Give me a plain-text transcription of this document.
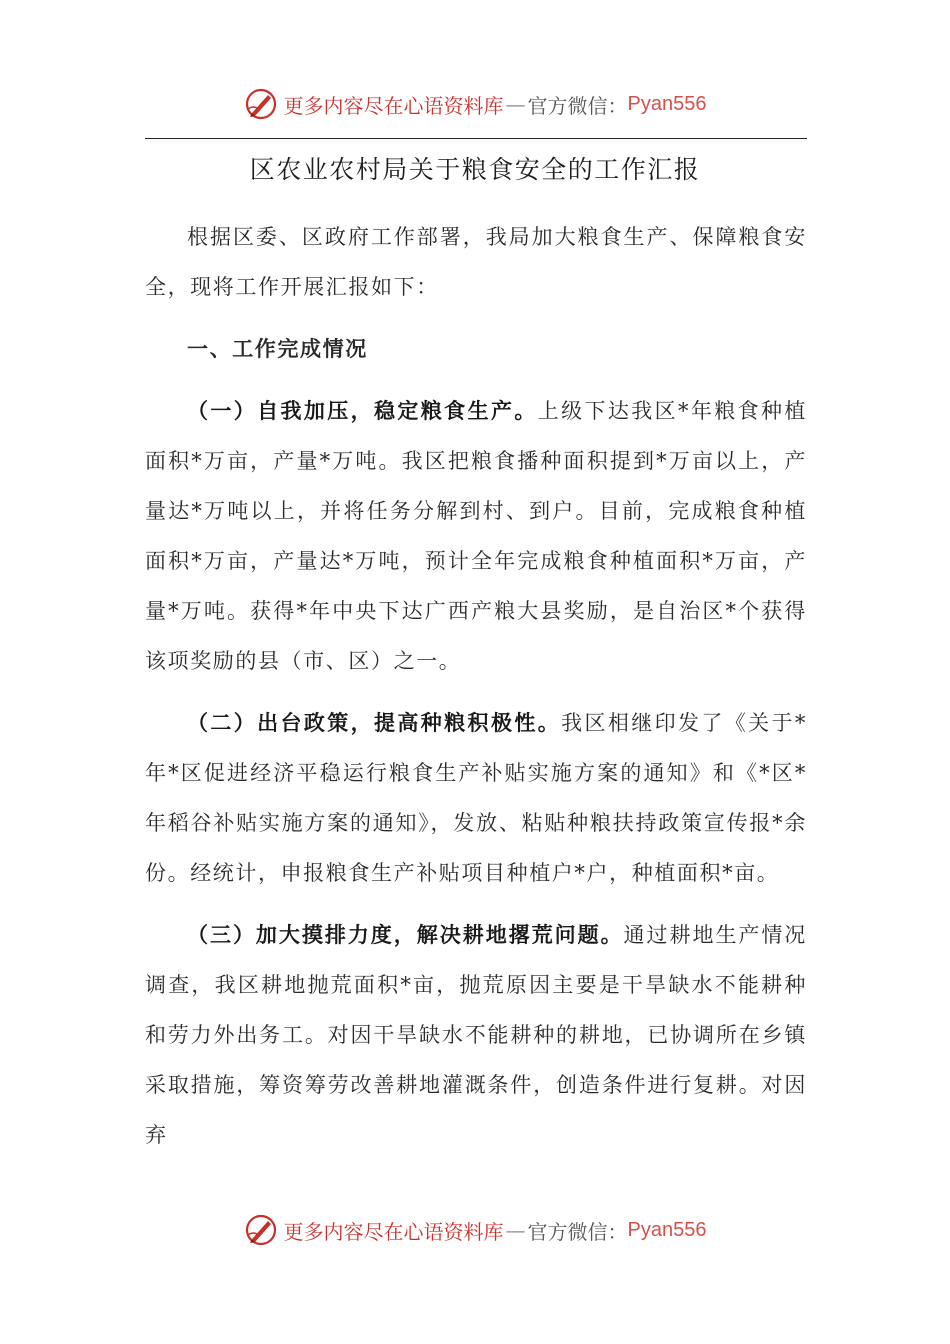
更多内容尽在心语资料库 — 官方微信： Pyan556
区农业农村局关于粮食安全的工作汇报

根据区委、区政府工作部署，我局加大粮食生产、保障粮食安全，现将工作开展汇报如下：

一、工作完成情况

（一）自我加压，稳定粮食生产。上级下达我区*年粮食种植面积*万亩，产量*万吨。我区把粮食播种面积提到*万亩以上，产量达*万吨以上，并将任务分解到村、到户。目前，完成粮食种植面积*万亩，产量达*万吨，预计全年完成粮食种植面积*万亩，产量*万吨。获得*年中央下达广西产粮大县奖励，是自治区*个获得该项奖励的县（市、区）之一。

（二）出台政策，提高种粮积极性。我区相继印发了《关于*年*区促进经济平稳运行粮食生产补贴实施方案的通知》和《*区*年稻谷补贴实施方案的通知》，发放、粘贴种粮扶持政策宣传报*余份。经统计，申报粮食生产补贴项目种植户*户，种植面积*亩。

（三）加大摸排力度，解决耕地撂荒问题。通过耕地生产情况调查，我区耕地抛荒面积*亩，抛荒原因主要是干旱缺水不能耕种和劳力外出务工。对因干旱缺水不能耕种的耕地，已协调所在乡镇采取措施，筹资筹劳改善耕地灌溉条件，创造条件进行复耕。对因弃

更多内容尽在心语资料库 — 官方微信： Pyan556
